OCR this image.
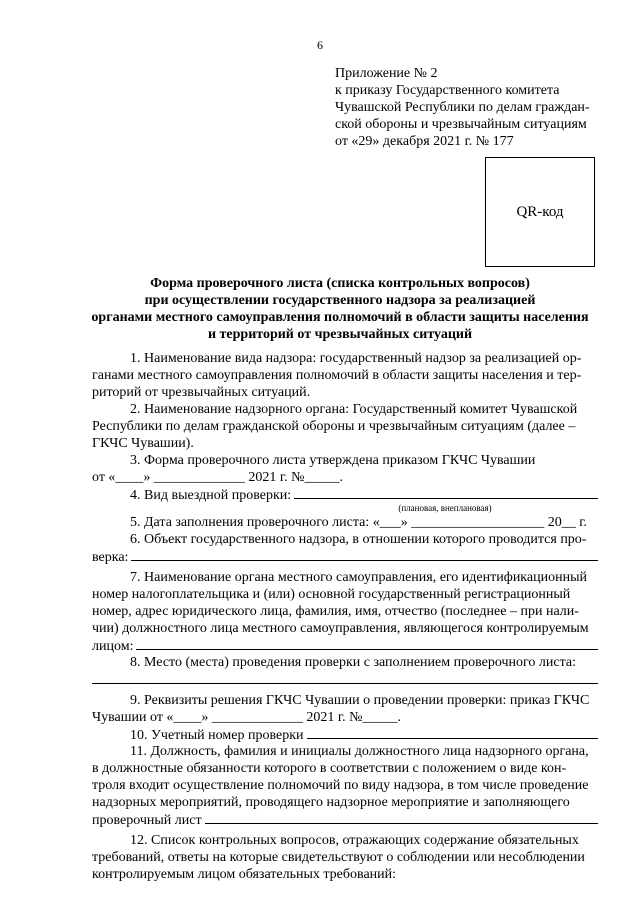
6
Приложение № 2
к приказу Государственного комитета
Чувашской Республики по делам граждан-
ской обороны и чрезвычайным ситуациям
от «29» декабря 2021 г. № 177
QR-код
Форма проверочного листа (списка контрольных вопросов)
при осуществлении государственного надзора за реализацией
органами местного самоуправления полномочий в области защиты населения
и территорий от чрезвычайных ситуаций
1. Наименование вида надзора: государственный надзор за реализацией ор-
ганами местного самоуправления полномочий в области защиты населения и тер-
риторий от чрезвычайных ситуаций.
2. Наименование надзорного органа: Государственный комитет Чувашской
Республики по делам гражданской обороны и чрезвычайным ситуациям (далее –
ГКЧС Чувашии).
3. Форма проверочного листа утверждена приказом ГКЧС Чувашии
от «____» _____________ 2021 г. №_____.
4. Вид выездной проверки:
(плановая, внеплановая)
5. Дата заполнения проверочного листа: «___» ___________________ 20__ г.
6. Объект государственного надзора, в отношении которого проводится про-
верка:
7. Наименование органа местного самоуправления, его идентификационный
номер налогоплательщика и (или) основной государственный регистрационный
номер, адрес юридического лица, фамилия, имя, отчество (последнее – при нали-
чии) должностного лица местного самоуправления, являющегося контролируемым
лицом:
8. Место (места) проведения проверки с заполнением проверочного листа:
9. Реквизиты решения ГКЧС Чувашии о проведении проверки: приказ ГКЧС
Чувашии от «____» _____________ 2021 г. №_____.
10. Учетный номер проверки
11. Должность, фамилия и инициалы должностного лица надзорного органа,
в должностные обязанности которого в соответствии с положением о виде кон-
троля входит осуществление полномочий по виду надзора, в том числе проведение
надзорных мероприятий, проводящего надзорное мероприятие и заполняющего
проверочный лист
12. Список контрольных вопросов, отражающих содержание обязательных
требований, ответы на которые свидетельствуют о соблюдении или несоблюдении
контролируемым лицом обязательных требований:
